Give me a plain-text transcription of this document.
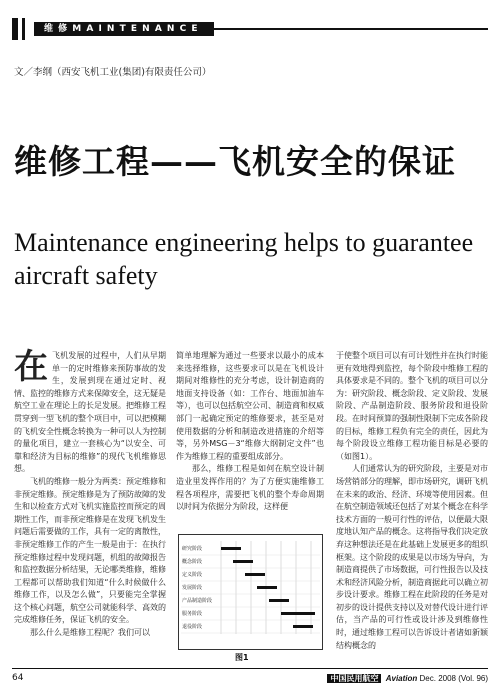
维 修 M A I N T E N A N C E
文／李纲（西安飞机工业(集团)有限责任公司）
维修工程——飞机安全的保证
Maintenance engineering helps to guarantee aircraft safety
在 飞机发展的过程中，人们从早期单一的定时维修来预防事故的发生，发展到现在通过定时、视情、监控的维修方式来保障安全，这无疑是航空工业在理论上的长足发展。把维修工程贯穿到一型飞机的整个项目中，可以把模糊的飞机安全性概念转换为一种可以人为控制的量化项目，建立一套核心为“以安全、可靠和经济为目标的维修”的现代飞机维修思想。

飞机的维修一般分为两类：预定维修和非预定维修。预定维修是为了预防故障的发生和以检查方式对飞机实施监控而预定的周期性工作，而非预定维修是在发现飞机发生问题后需要做的工作，具有一定的离散性，非预定维修工作的产生一般是由于：在执行预定维修过程中发现问题，机组的故障报告和监控数据分析结果，无论哪类维修，维修工程都可以帮助我们知道“什么时候做什么维修工作，以及怎么做”，只要能完全掌握这个核心问题，航空公司就能科学、高效的完成维修任务，保证飞机的安全。

那么什么是维修工程呢？我们可以

简单地理解为通过一些要求以最小的成本来选择维修，这些要求可以是在飞机设计期间对维修性的充分考虑，设计制造商的地面支持设备（如：工作台、地面加油车等），也可以包括航空公司、制造商和权威部门一起确定预定的维修要求，甚至是对使用数据的分析和制造改进措施的介绍等等，另外MSG－3“维修大纲制定文件”也作为维修工程的重要组成部分。

那么，维修工程是如何在航空设计制造业里发挥作用的？为了方便实施维修工程各项程序，需要把飞机的整个寿命周期以时间为依据分为阶段，这样便

研究阶段
概念阶段
定义阶段
发展阶段
产品制造阶段
服务阶段
退役阶段
图1

于使整个项目可以有可计划性并在执行时能更有效地得到监控，每个阶段中维修工程的具体要求是不同的。整个飞机的项目可以分为：研究阶段、概念阶段、定义阶段、发展阶段、产品制造阶段、服务阶段和退役阶段。在时间预算的强制性限制下完成各阶段的目标，维修工程负有完全的责任，因此为每个阶段设立维修工程功能目标是必要的（如图1）。

人们通常认为的研究阶段，主要是对市场营销部分的理解，即市场研究，调研飞机在未来的政治、经济、环境等使用因素。但在航空制造领域还包括了对某个概念在科学技术方面的一般可行性的评估，以便最大限度地认知产品的概念。这将指导我们决定放弃这种想法还是在此基础上发展更多的组织框架。这个阶段的成果是以市场为导向，为制造商提供了市场数据，可行性报告以及技术和经济风险分析，制造商据此可以确立初步设计要求。维修工程在此阶段的任务是对初步的设计提供支持以及对替代设计进行评估，当产品的可行性或设计涉及到维修性时，通过维修工程可以告诉设计者诸如新颖结构概念的

64	中国民用航空 Aviation Dec. 2008 (Vol. 96)
